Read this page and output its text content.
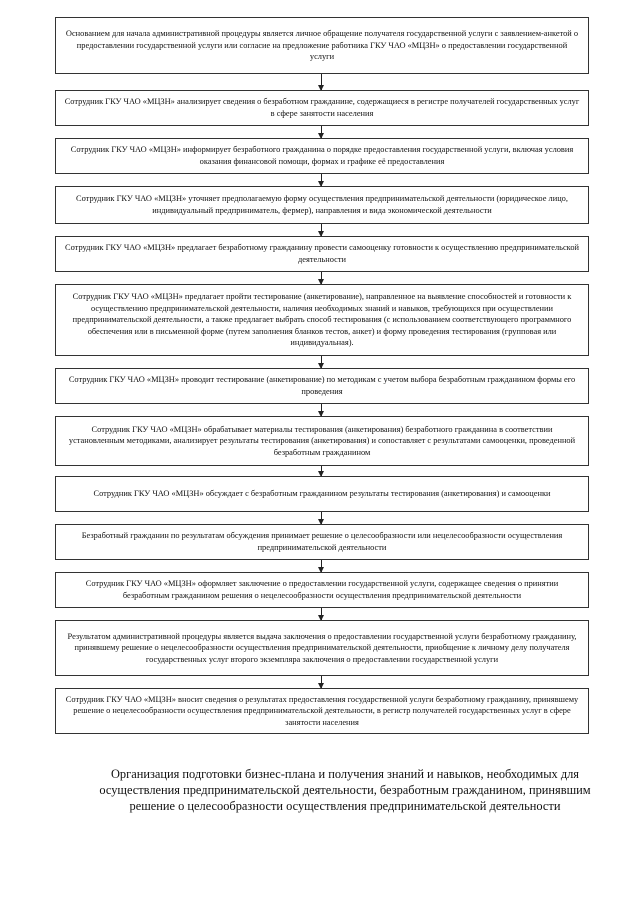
Основанием для начала административной процедуры является личное обращение получателя государственной услуги с заявлением-анкетой о предоставлении государственной услуги или согласие на предложение работника ГКУ ЧАО «МЦЗН» о предоставлении государственной услуги
Сотрудник ГКУ ЧАО «МЦЗН» анализирует сведения о безработном гражданине, содержащиеся в регистре получателей государственных услуг в сфере занятости населения
Сотрудник ГКУ ЧАО «МЦЗН» информирует безработного гражданина о порядке предоставления государственной услуги, включая условия оказания финансовой помощи, формах и графике её предоставления
Сотрудник ГКУ ЧАО «МЦЗН» уточняет предполагаемую форму осуществления предпринимательской деятельности (юридическое лицо, индивидуальный предприниматель, фермер), направления и вида экономической деятельности
Сотрудник ГКУ ЧАО «МЦЗН» предлагает безработному гражданину провести самооценку готовности к осуществлению предпринимательской деятельности
Сотрудник ГКУ ЧАО «МЦЗН» предлагает пройти тестирование (анкетирование), направленное на выявление способностей и готовности к осуществлению предпринимательской деятельности, наличия необходимых знаний и навыков, требующихся при осуществлении предпринимательской деятельности, а также предлагает выбрать способ тестирования (с использованием соответствующего программного обеспечения или в письменной форме (путем заполнения бланков тестов, анкет) и форму проведения тестирования (групповая или индивидуальная).
Сотрудник ГКУ ЧАО «МЦЗН» проводит тестирование (анкетирование) по методикам с учетом выбора безработным гражданином формы его проведения
Сотрудник ГКУ ЧАО «МЦЗН» обрабатывает материалы тестирования (анкетирования) безработного гражданина в соответствии установленным методиками, анализирует результаты тестирования (анкетирования) и сопоставляет с результатами самооценки, проведенной безработным гражданином
Сотрудник ГКУ ЧАО «МЦЗН» обсуждает с безработным гражданином результаты тестирования (анкетирования) и самооценки
Безработный гражданин по результатам обсуждения принимает решение о целесообразности или нецелесообразности осуществления предпринимательской деятельности
Сотрудник ГКУ ЧАО «МЦЗН» оформляет заключение о предоставлении государственной услуги, содержащее сведения о принятии безработным гражданином решения о нецелесообразности осуществления предпринимательской деятельности
Результатом административной процедуры является выдача заключения о предоставлении государственной услуги безработному гражданину, принявшему решение о нецелесообразности осуществления предпринимательской деятельности, приобщение к личному делу получателя государственных услуг второго экземпляра заключения о предоставлении государственной услуги
Сотрудник ГКУ ЧАО «МЦЗН» вносит сведения о результатах предоставления государственной услуги безработному гражданину, принявшему решение о нецелесообразности осуществления предпринимательской деятельности, в регистр получателей государственных услуг в сфере занятости населения
Организация подготовки бизнес-плана и получения знаний и навыков, необходимых для осуществления предпринимательской деятельности, безработным гражданином, принявшим решение о целесообразности осуществления предпринимательской деятельности
